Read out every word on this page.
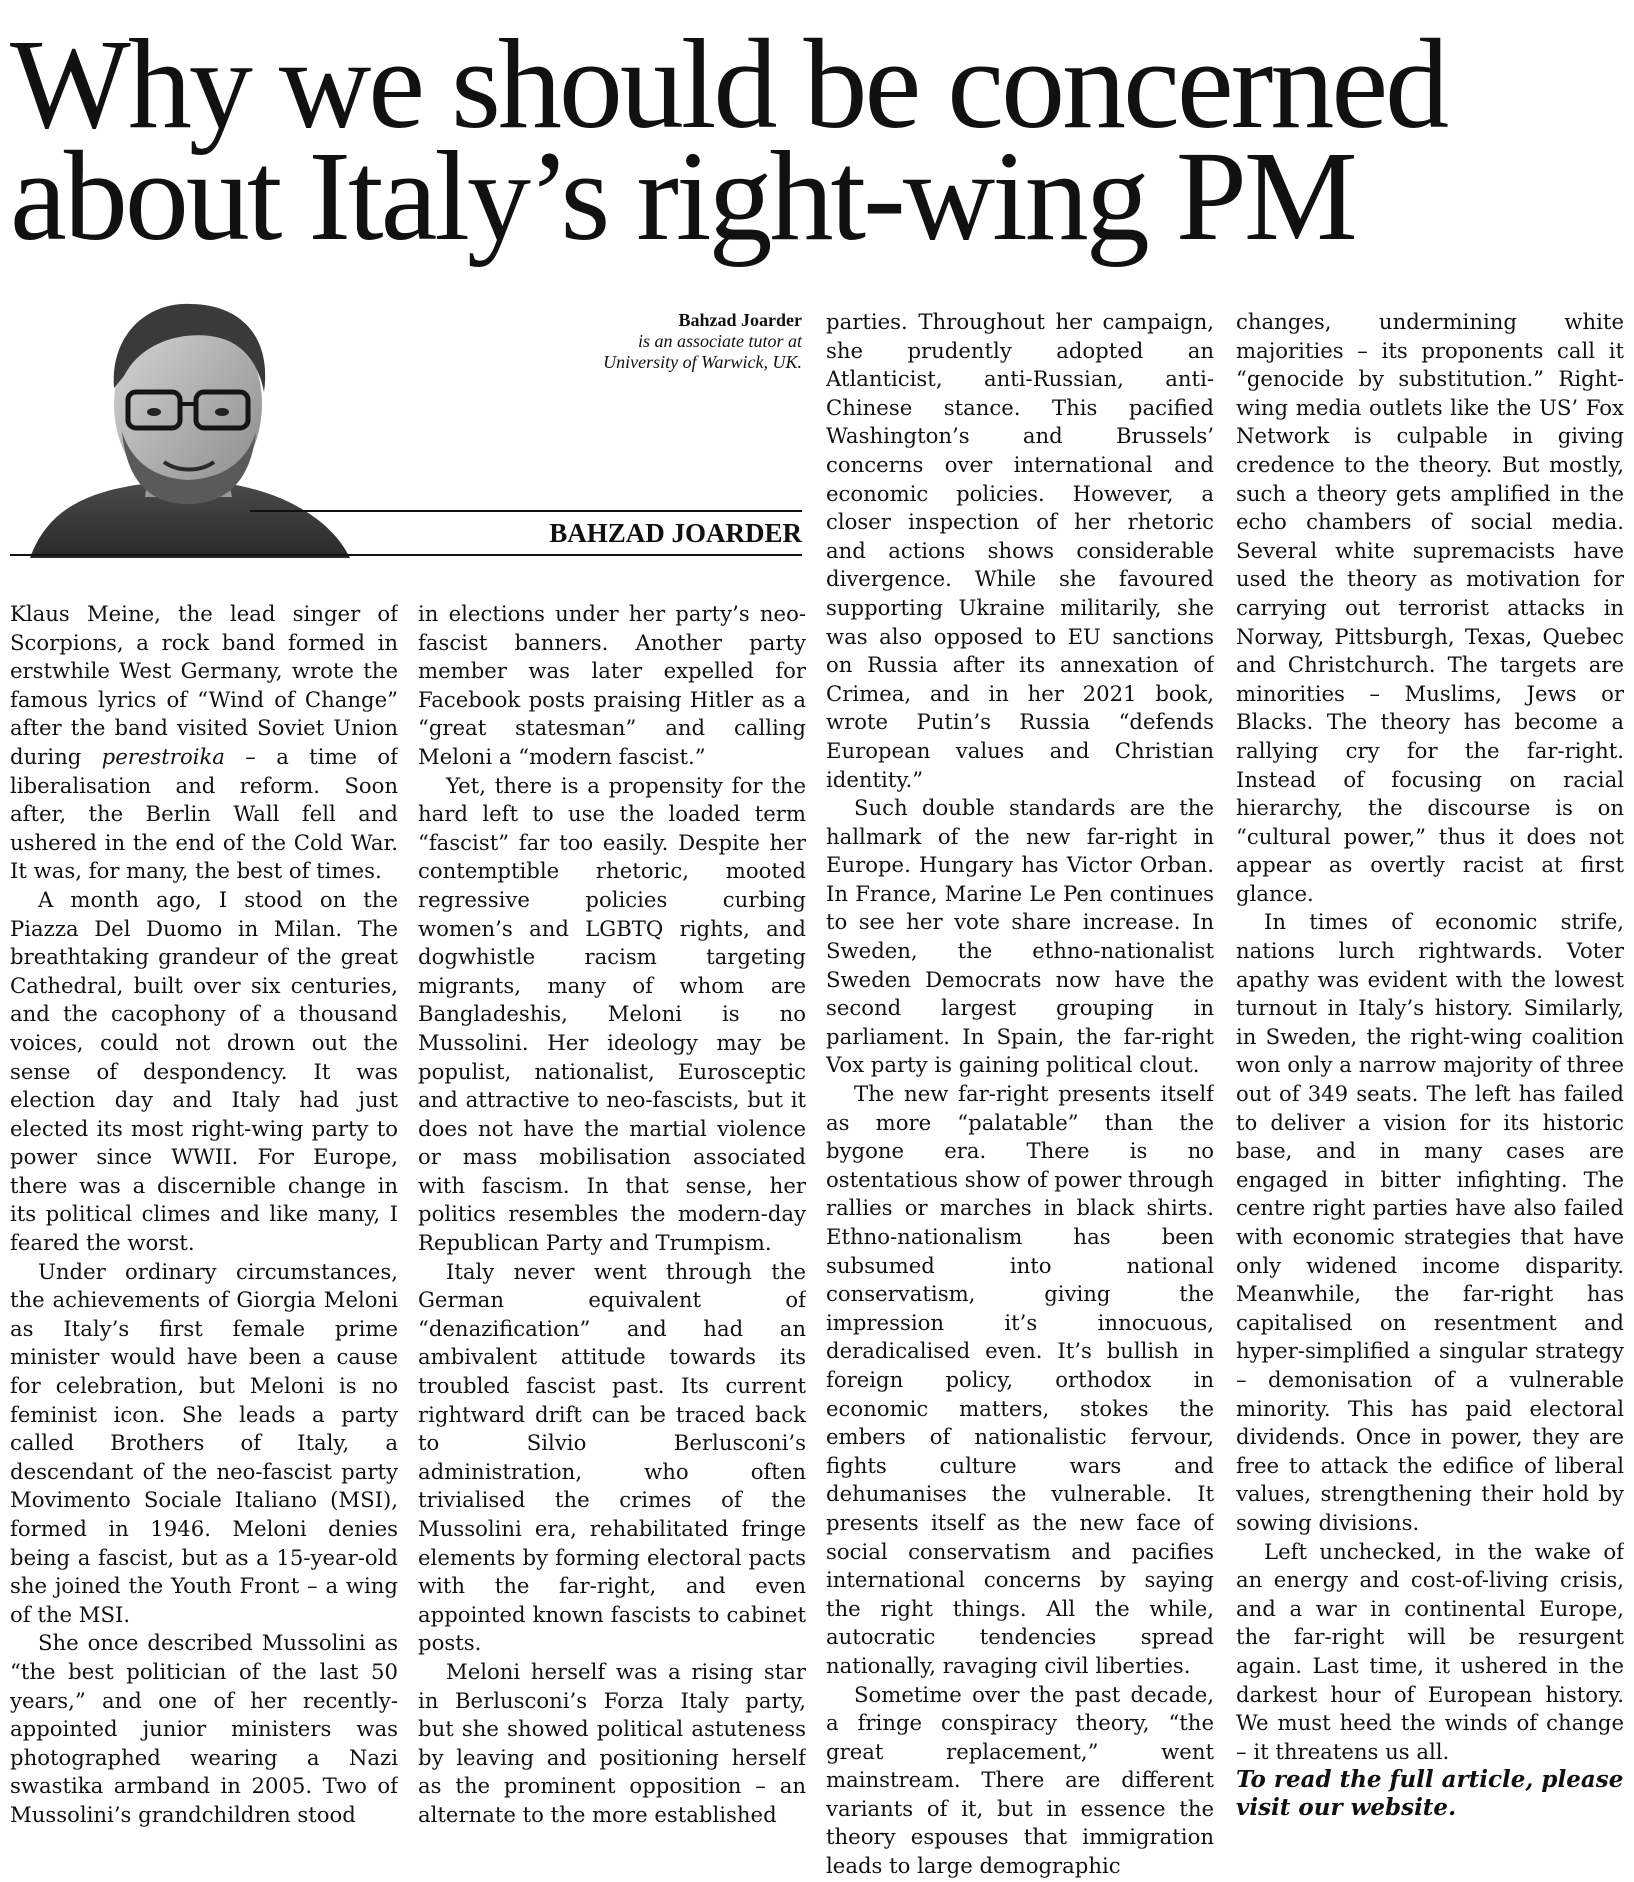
Why we should be concerned about Italy’s right-wing PM
Bahzad Joarder
is an associate tutor at
University of Warwick, UK.
BAHZAD JOARDER

Klaus Meine, the lead singer of Scorpions, a rock band formed in erstwhile West Germany, wrote the famous lyrics of “Wind of Change” after the band visited Soviet Union during perestroika – a time of liberalisation and reform. Soon after, the Berlin Wall fell and ushered in the end of the Cold War. It was, for many, the best of times.

A month ago, I stood on the Piazza Del Duomo in Milan. The breathtaking grandeur of the great Cathedral, built over six centuries, and the cacophony of a thousand voices, could not drown out the sense of despondency. It was election day and Italy had just elected its most right-wing party to power since WWII. For Europe, there was a discernible change in its political climes and like many, I feared the worst.

Under ordinary circumstances, the achievements of Giorgia Meloni as Italy’s first female prime minister would have been a cause for celebration, but Meloni is no feminist icon. She leads a party called Brothers of Italy, a descendant of the neo-fascist party Movimento Sociale Italiano (MSI), formed in 1946. Meloni denies being a fascist, but as a 15-year-old she joined the Youth Front – a wing of the MSI.

She once described Mussolini as “the best politician of the last 50 years,” and one of her recently-appointed junior ministers was photographed wearing a Nazi swastika armband in 2005. Two of Mussolini’s grandchildren stood

in elections under her party’s neo-fascist banners. Another party member was later expelled for Facebook posts praising Hitler as a “great statesman” and calling Meloni a “modern fascist.”

Yet, there is a propensity for the hard left to use the loaded term “fascist” far too easily. Despite her contemptible rhetoric, mooted regressive policies curbing women’s and LGBTQ rights, and dogwhistle racism targeting migrants, many of whom are Bangladeshis, Meloni is no Mussolini. Her ideology may be populist, nationalist, Eurosceptic and attractive to neo-fascists, but it does not have the martial violence or mass mobilisation associated with fascism. In that sense, her politics resembles the modern-day Republican Party and Trumpism.

Italy never went through the German equivalent of “denazification” and had an ambivalent attitude towards its troubled fascist past. Its current rightward drift can be traced back to Silvio Berlusconi’s administration, who often trivialised the crimes of the Mussolini era, rehabilitated fringe elements by forming electoral pacts with the far-right, and even appointed known fascists to cabinet posts.

Meloni herself was a rising star in Berlusconi’s Forza Italy party, but she showed political astuteness by leaving and positioning herself as the prominent opposition – an alternate to the more established

parties. Throughout her campaign, she prudently adopted an Atlanticist, anti-Russian, anti-Chinese stance. This pacified Washington’s and Brussels’ concerns over international and economic policies. However, a closer inspection of her rhetoric and actions shows considerable divergence. While she favoured supporting Ukraine militarily, she was also opposed to EU sanctions on Russia after its annexation of Crimea, and in her 2021 book, wrote Putin’s Russia “defends European values and Christian identity.”

Such double standards are the hallmark of the new far-right in Europe. Hungary has Victor Orban. In France, Marine Le Pen continues to see her vote share increase. In Sweden, the ethno-nationalist Sweden Democrats now have the second largest grouping in parliament. In Spain, the far-right Vox party is gaining political clout.

The new far-right presents itself as more “palatable” than the bygone era. There is no ostentatious show of power through rallies or marches in black shirts. Ethno-nationalism has been subsumed into national conservatism, giving the impression it’s innocuous, deradicalised even. It’s bullish in foreign policy, orthodox in economic matters, stokes the embers of nationalistic fervour, fights culture wars and dehumanises the vulnerable. It presents itself as the new face of social conservatism and pacifies international concerns by saying the right things. All the while, autocratic tendencies spread nationally, ravaging civil liberties.

Sometime over the past decade, a fringe conspiracy theory, “the great replacement,” went mainstream. There are different variants of it, but in essence the theory espouses that immigration leads to large demographic

changes, undermining white majorities – its proponents call it “genocide by substitution.” Right-wing media outlets like the US’ Fox Network is culpable in giving credence to the theory. But mostly, such a theory gets amplified in the echo chambers of social media. Several white supremacists have used the theory as motivation for carrying out terrorist attacks in Norway, Pittsburgh, Texas, Quebec and Christchurch. The targets are minorities – Muslims, Jews or Blacks. The theory has become a rallying cry for the far-right. Instead of focusing on racial hierarchy, the discourse is on “cultural power,” thus it does not appear as overtly racist at first glance.

In times of economic strife, nations lurch rightwards. Voter apathy was evident with the lowest turnout in Italy’s history. Similarly, in Sweden, the right-wing coalition won only a narrow majority of three out of 349 seats. The left has failed to deliver a vision for its historic base, and in many cases are engaged in bitter infighting. The centre right parties have also failed with economic strategies that have only widened income disparity. Meanwhile, the far-right has capitalised on resentment and hyper-simplified a singular strategy – demonisation of a vulnerable minority. This has paid electoral dividends. Once in power, they are free to attack the edifice of liberal values, strengthening their hold by sowing divisions.

Left unchecked, in the wake of an energy and cost-of-living crisis, and a war in continental Europe, the far-right will be resurgent again. Last time, it ushered in the darkest hour of European history. We must heed the winds of change – it threatens us all.

To read the full article, please visit our website.
